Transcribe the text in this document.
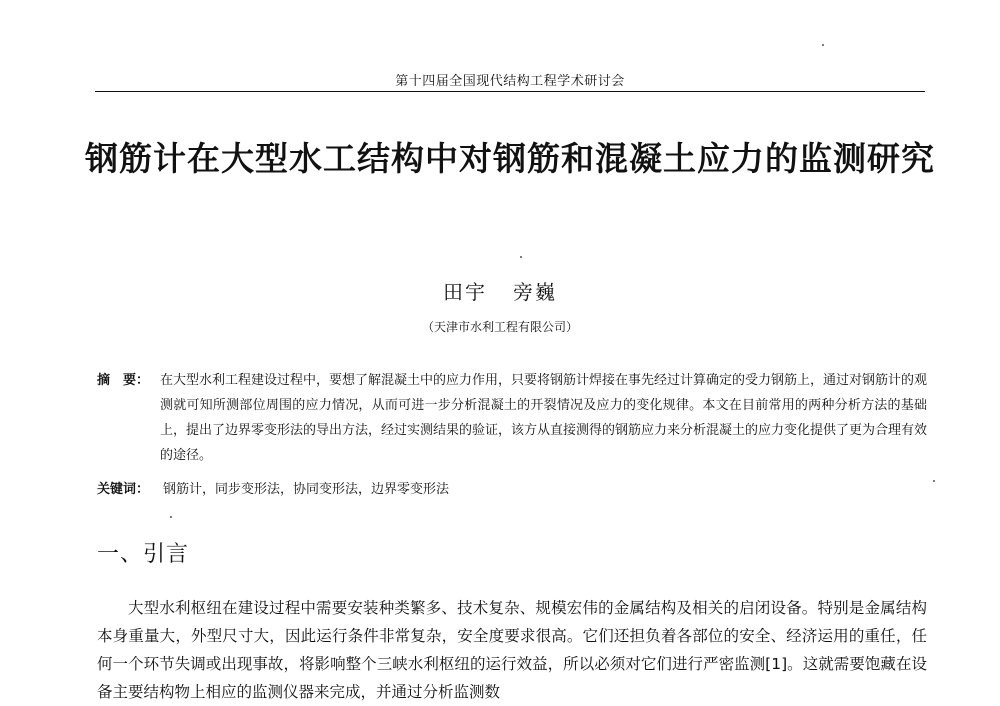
第十四届全国现代结构工程学术研讨会
钢筋计在大型水工结构中对钢筋和混凝土应力的监测研究
田宇 旁巍
（天津市水利工程有限公司）
摘　要： 在大型水利工程建设过程中，要想了解混凝土中的应力作用，只要将钢筋计焊接在事先经过计算确定的受力钢筋上，通过对钢筋计的观测就可知所测部位周围的应力情况，从而可进一步分析混凝土的开裂情况及应力的变化规律。本文在目前常用的两种分析方法的基础上，提出了边界零变形法的导出方法，经过实测结果的验证，该方从直接测得的钢筋应力来分析混凝土的应力变化提供了更为合理有效的途径。
关键词： 钢筋计，同步变形法，协同变形法，边界零变形法
一、引言

大型水利枢纽在建设过程中需要安装种类繁多、技术复杂、规模宏伟的金属结构及相关的启闭设备。特别是金属结构本身重量大，外型尺寸大，因此运行条件非常复杂，安全度要求很高。它们还担负着各部位的安全、经济运用的重任，任何一个环节失调或出现事故，将影响整个三峡水利枢纽的运行效益，所以必须对它们进行严密监测[1]。这就需要饱藏在设备主要结构物上相应的监测仪器来完成，并通过分析监测数
